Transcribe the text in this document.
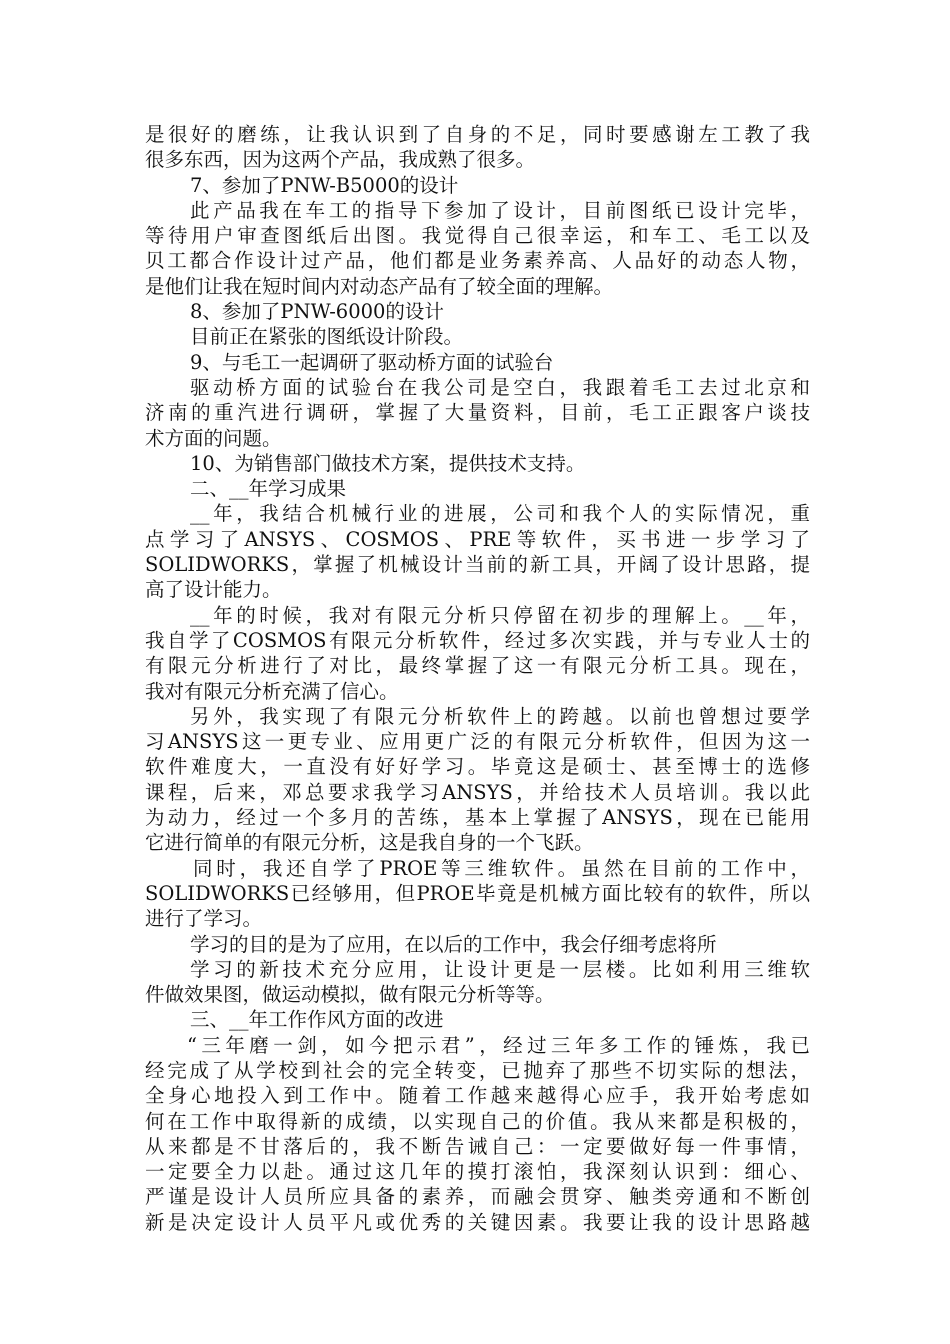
是很好的磨练，让我认识到了自身的不足，同时要感谢左工教了我
很多东西，因为这两个产品，我成熟了很多。
7、参加了PNW-B5000的设计
此产品我在车工的指导下参加了设计，目前图纸已设计完毕，
等待用户审查图纸后出图。我觉得自己很幸运，和车工、毛工以及
贝工都合作设计过产品，他们都是业务素养高、人品好的动态人物，
是他们让我在短时间内对动态产品有了较全面的理解。
8、参加了PNW-6000的设计
目前正在紧张的图纸设计阶段。
9、与毛工一起调研了驱动桥方面的试验台
驱动桥方面的试验台在我公司是空白，我跟着毛工去过北京和
济南的重汽进行调研，掌握了大量资料，目前，毛工正跟客户谈技
术方面的问题。
10、为销售部门做技术方案，提供技术支持。
二、__年学习成果
__年，我结合机械行业的进展，公司和我个人的实际情况，重
点学习了ANSYS、COSMOS、PRE等软件，买书进一步学习了
SOLIDWORKS，掌握了机械设计当前的新工具，开阔了设计思路，提
高了设计能力。
__年的时候，我对有限元分析只停留在初步的理解上。__年，
我自学了COSMOS有限元分析软件，经过多次实践，并与专业人士的
有限元分析进行了对比，最终掌握了这一有限元分析工具。现在，
我对有限元分析充满了信心。
另外，我实现了有限元分析软件上的跨越。以前也曾想过要学
习ANSYS这一更专业、应用更广泛的有限元分析软件，但因为这一
软件难度大，一直没有好好学习。毕竟这是硕士、甚至博士的选修
课程，后来，邓总要求我学习ANSYS，并给技术人员培训。我以此
为动力，经过一个多月的苦练，基本上掌握了ANSYS，现在已能用
它进行简单的有限元分析，这是我自身的一个飞跃。
同时，我还自学了PROE等三维软件。虽然在目前的工作中，
SOLIDWORKS已经够用，但PROE毕竟是机械方面比较有的软件，所以
进行了学习。
学习的目的是为了应用，在以后的工作中，我会仔细考虑将所
学习的新技术充分应用，让设计更是一层楼。比如利用三维软
件做效果图，做运动模拟，做有限元分析等等。
三、__年工作作风方面的改进
“三年磨一剑，如今把示君”，经过三年多工作的锤炼，我已
经完成了从学校到社会的完全转变，已抛弃了那些不切实际的想法，
全身心地投入到工作中。随着工作越来越得心应手，我开始考虑如
何在工作中取得新的成绩，以实现自己的价值。我从来都是积极的，
从来都是不甘落后的，我不断告诫自己：一定要做好每一件事情，
一定要全力以赴。通过这几年的摸打滚怕，我深刻认识到：细心、
严谨是设计人员所应具备的素养，而融会贯穿、触类旁通和不断创
新是决定设计人员平凡或优秀的关键因素。我要让我的设计思路越
